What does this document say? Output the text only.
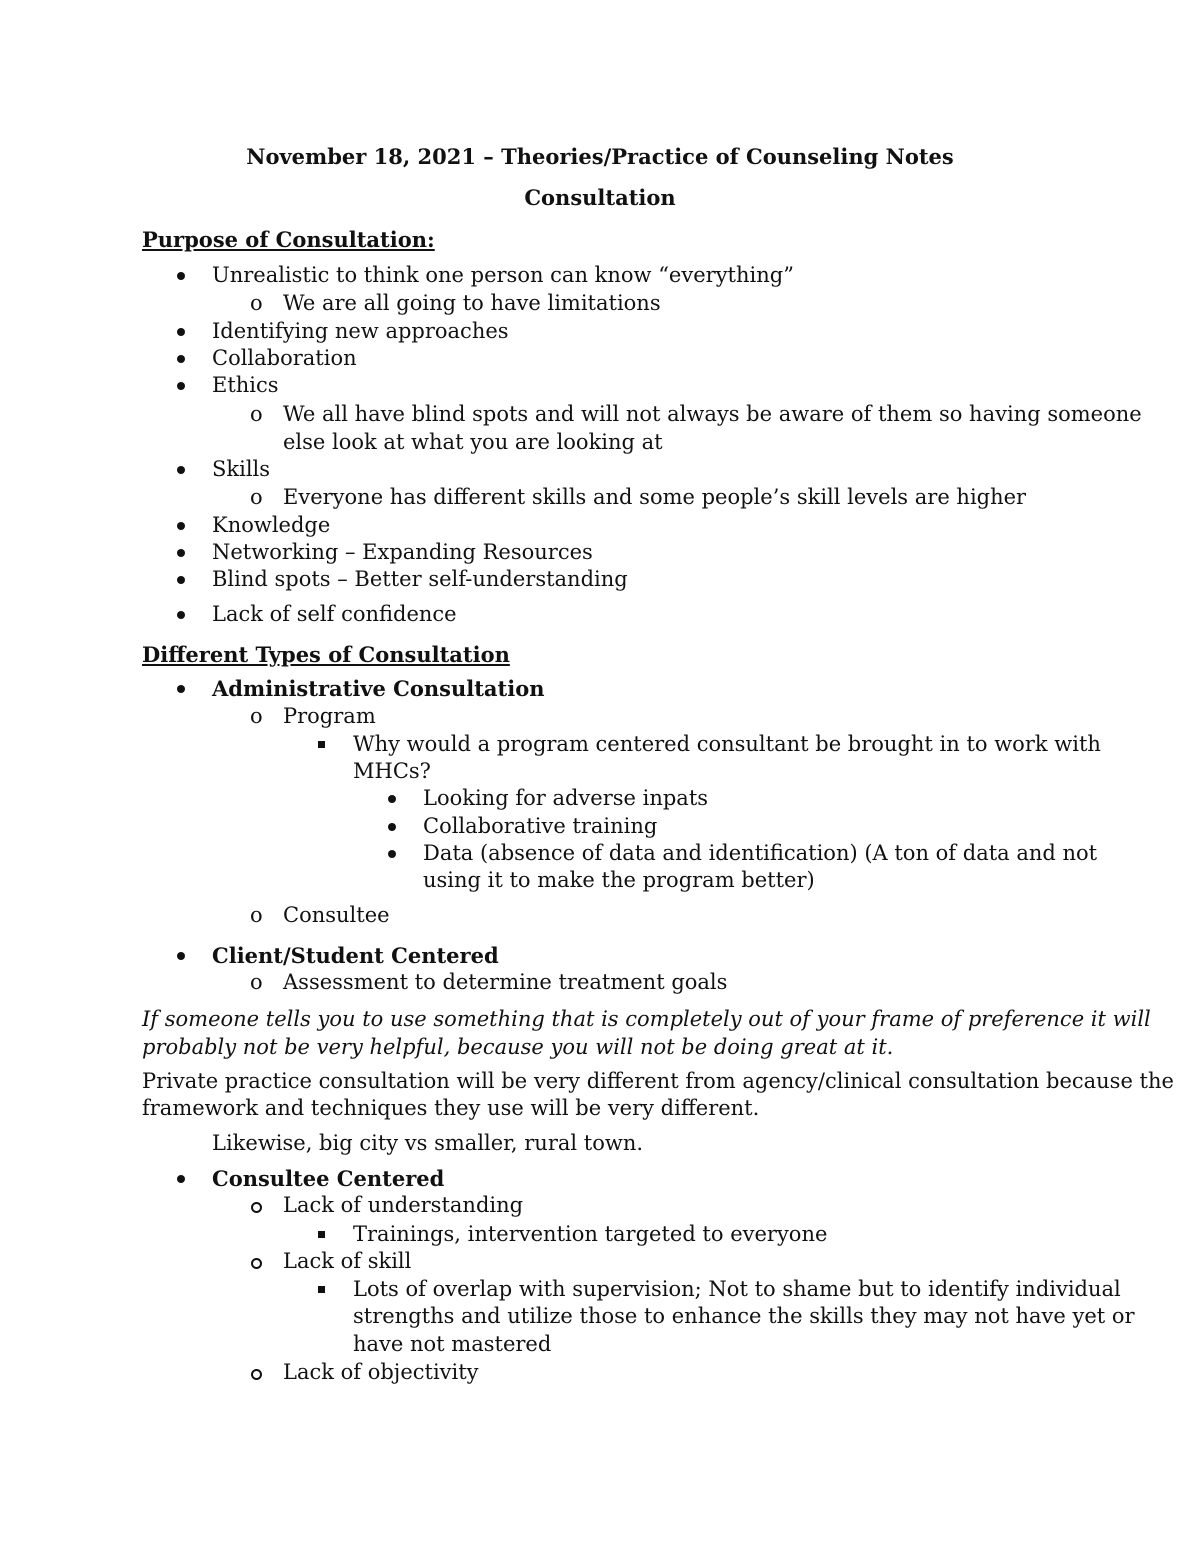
November 18, 2021 – Theories/Practice of Counseling Notes
Consultation
Purpose of Consultation:
Unrealistic to think one person can know “everything”
o We are all going to have limitations
Identifying new approaches
Collaboration
Ethics
o We all have blind spots and will not always be aware of them so having someone
else look at what you are looking at
Skills
o Everyone has different skills and some people’s skill levels are higher
Knowledge
Networking – Expanding Resources
Blind spots – Better self-understanding
Lack of self confidence
Different Types of Consultation
Administrative Consultation
o Program
Why would a program centered consultant be brought in to work with
MHCs?
Looking for adverse inpats
Collaborative training
Data (absence of data and identification) (A ton of data and not
using it to make the program better)
o Consultee
Client/Student Centered
o Assessment to determine treatment goals
If someone tells you to use something that is completely out of your frame of preference it will
probably not be very helpful, because you will not be doing great at it.
Private practice consultation will be very different from agency/clinical consultation because the
framework and techniques they use will be very different.
Likewise, big city vs smaller, rural town.
Consultee Centered
Lack of understanding
Trainings, intervention targeted to everyone
Lack of skill
Lots of overlap with supervision; Not to shame but to identify individual
strengths and utilize those to enhance the skills they may not have yet or
have not mastered
Lack of objectivity
